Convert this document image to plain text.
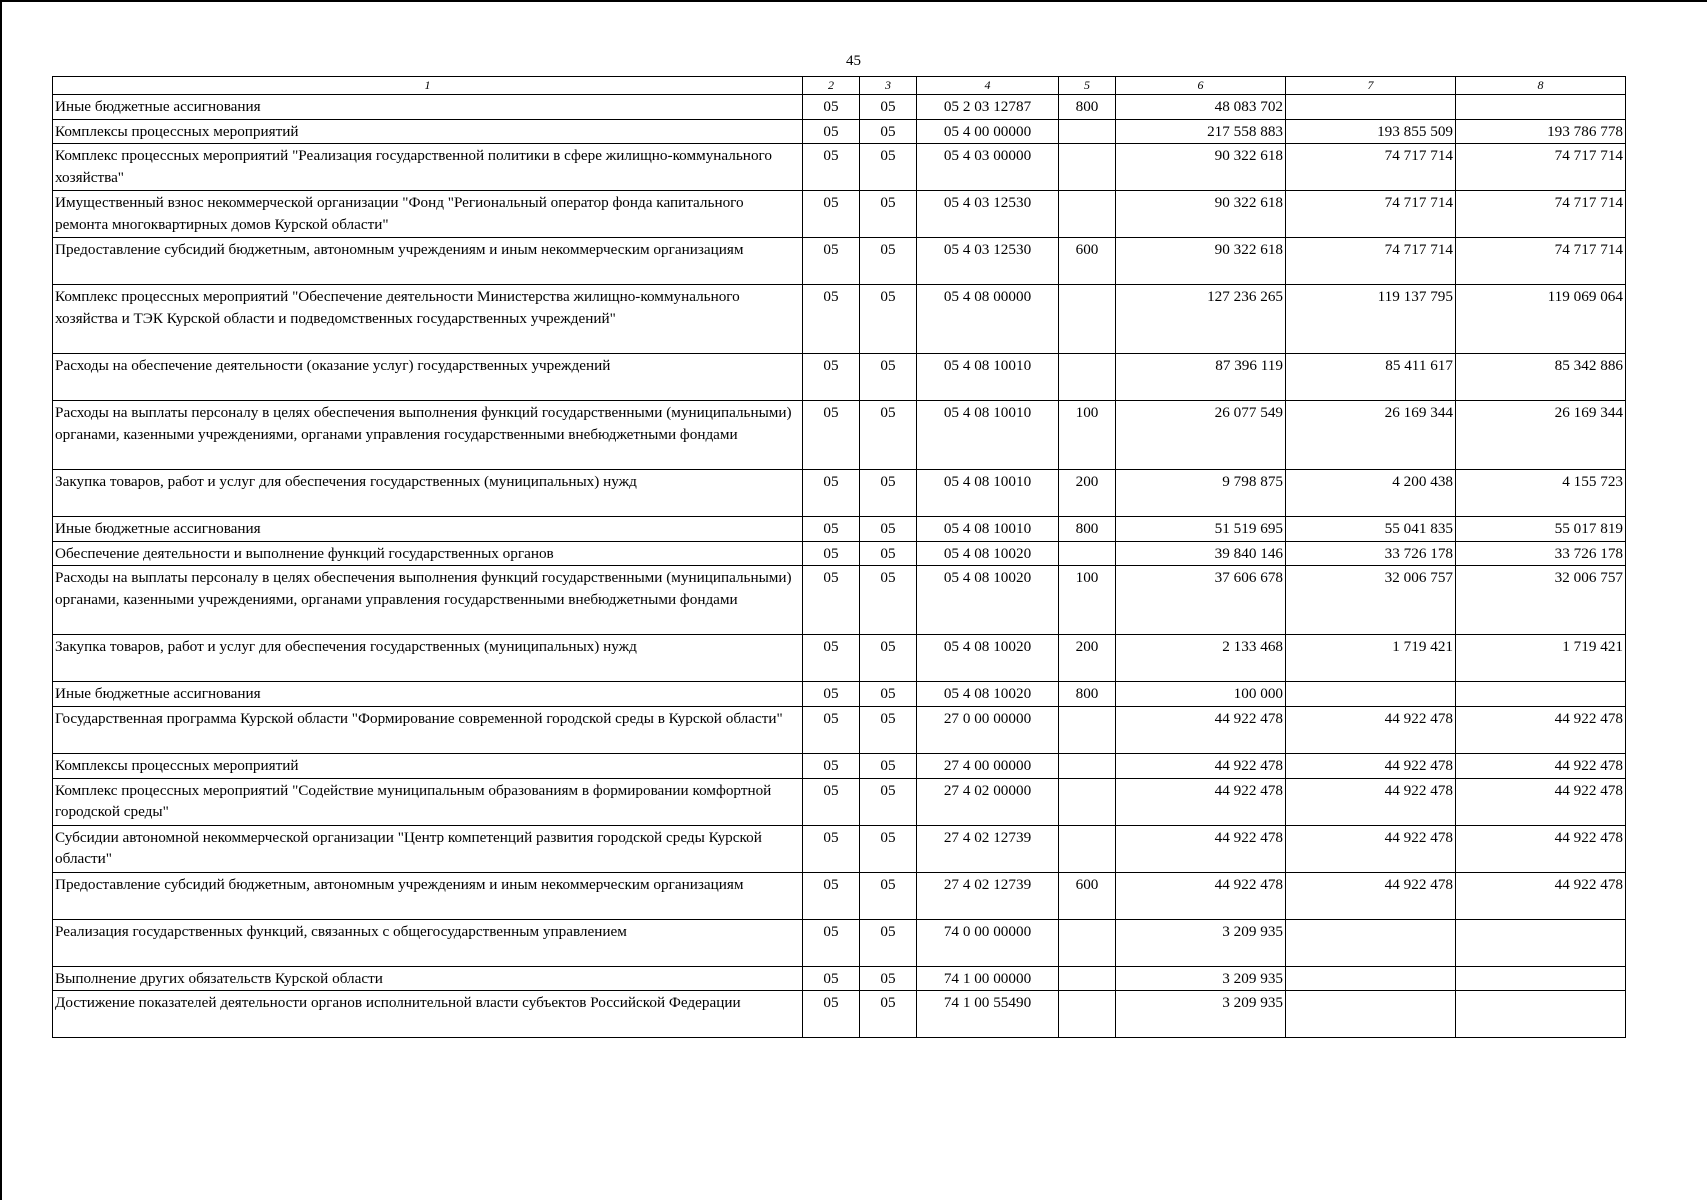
45
1	2	3	4	5	6	7	8
Иные бюджетные ассигнования	05	05	05 2 03 12787	800	48 083 702		
Комплексы процессных мероприятий	05	05	05 4 00 00000		217 558 883	193 855 509	193 786 778
Комплекс процессных мероприятий "Реализация государственной политики в сфере жилищно-коммунального хозяйства"	05	05	05 4 03 00000		90 322 618	74 717 714	74 717 714
Имущественный взнос некоммерческой организации "Фонд "Региональный оператор фонда капитального ремонта многоквартирных домов Курской области"	05	05	05 4 03 12530		90 322 618	74 717 714	74 717 714
Предоставление субсидий бюджетным, автономным учреждениям и иным некоммерческим организациям	05	05	05 4 03 12530	600	90 322 618	74 717 714	74 717 714
Комплекс процессных мероприятий "Обеспечение деятельности Министерства жилищно-коммунального хозяйства и ТЭК Курской области и подведомственных государственных учреждений"	05	05	05 4 08 00000		127 236 265	119 137 795	119 069 064
Расходы на обеспечение деятельности (оказание услуг) государственных учреждений	05	05	05 4 08 10010		87 396 119	85 411 617	85 342 886
Расходы на выплаты персоналу в целях обеспечения выполнения функций государственными (муниципальными) органами, казенными учреждениями, органами управления государственными внебюджетными фондами	05	05	05 4 08 10010	100	26 077 549	26 169 344	26 169 344
Закупка товаров, работ и услуг для обеспечения государственных (муниципальных) нужд	05	05	05 4 08 10010	200	9 798 875	4 200 438	4 155 723
Иные бюджетные ассигнования	05	05	05 4 08 10010	800	51 519 695	55 041 835	55 017 819
Обеспечение деятельности и выполнение функций государственных органов	05	05	05 4 08 10020		39 840 146	33 726 178	33 726 178
Расходы на выплаты персоналу в целях обеспечения выполнения функций государственными (муниципальными) органами, казенными учреждениями, органами управления государственными внебюджетными фондами	05	05	05 4 08 10020	100	37 606 678	32 006 757	32 006 757
Закупка товаров, работ и услуг для обеспечения государственных (муниципальных) нужд	05	05	05 4 08 10020	200	2 133 468	1 719 421	1 719 421
Иные бюджетные ассигнования	05	05	05 4 08 10020	800	100 000		
Государственная программа Курской области "Формирование современной городской среды в Курской области"	05	05	27 0 00 00000		44 922 478	44 922 478	44 922 478
Комплексы процессных мероприятий	05	05	27 4 00 00000		44 922 478	44 922 478	44 922 478
Комплекс процессных мероприятий "Содействие муниципальным образованиям в формировании комфортной городской среды"	05	05	27 4 02 00000		44 922 478	44 922 478	44 922 478
Субсидии автономной некоммерческой организации "Центр компетенций развития городской среды Курской области"	05	05	27 4 02 12739		44 922 478	44 922 478	44 922 478
Предоставление субсидий бюджетным, автономным учреждениям и иным некоммерческим организациям	05	05	27 4 02 12739	600	44 922 478	44 922 478	44 922 478
Реализация государственных функций, связанных с общегосударственным управлением	05	05	74 0 00 00000		3 209 935		
Выполнение других обязательств Курской области	05	05	74 1 00 00000		3 209 935		
Достижение показателей деятельности органов исполнительной власти субъектов Российской Федерации	05	05	74 1 00 55490		3 209 935		
